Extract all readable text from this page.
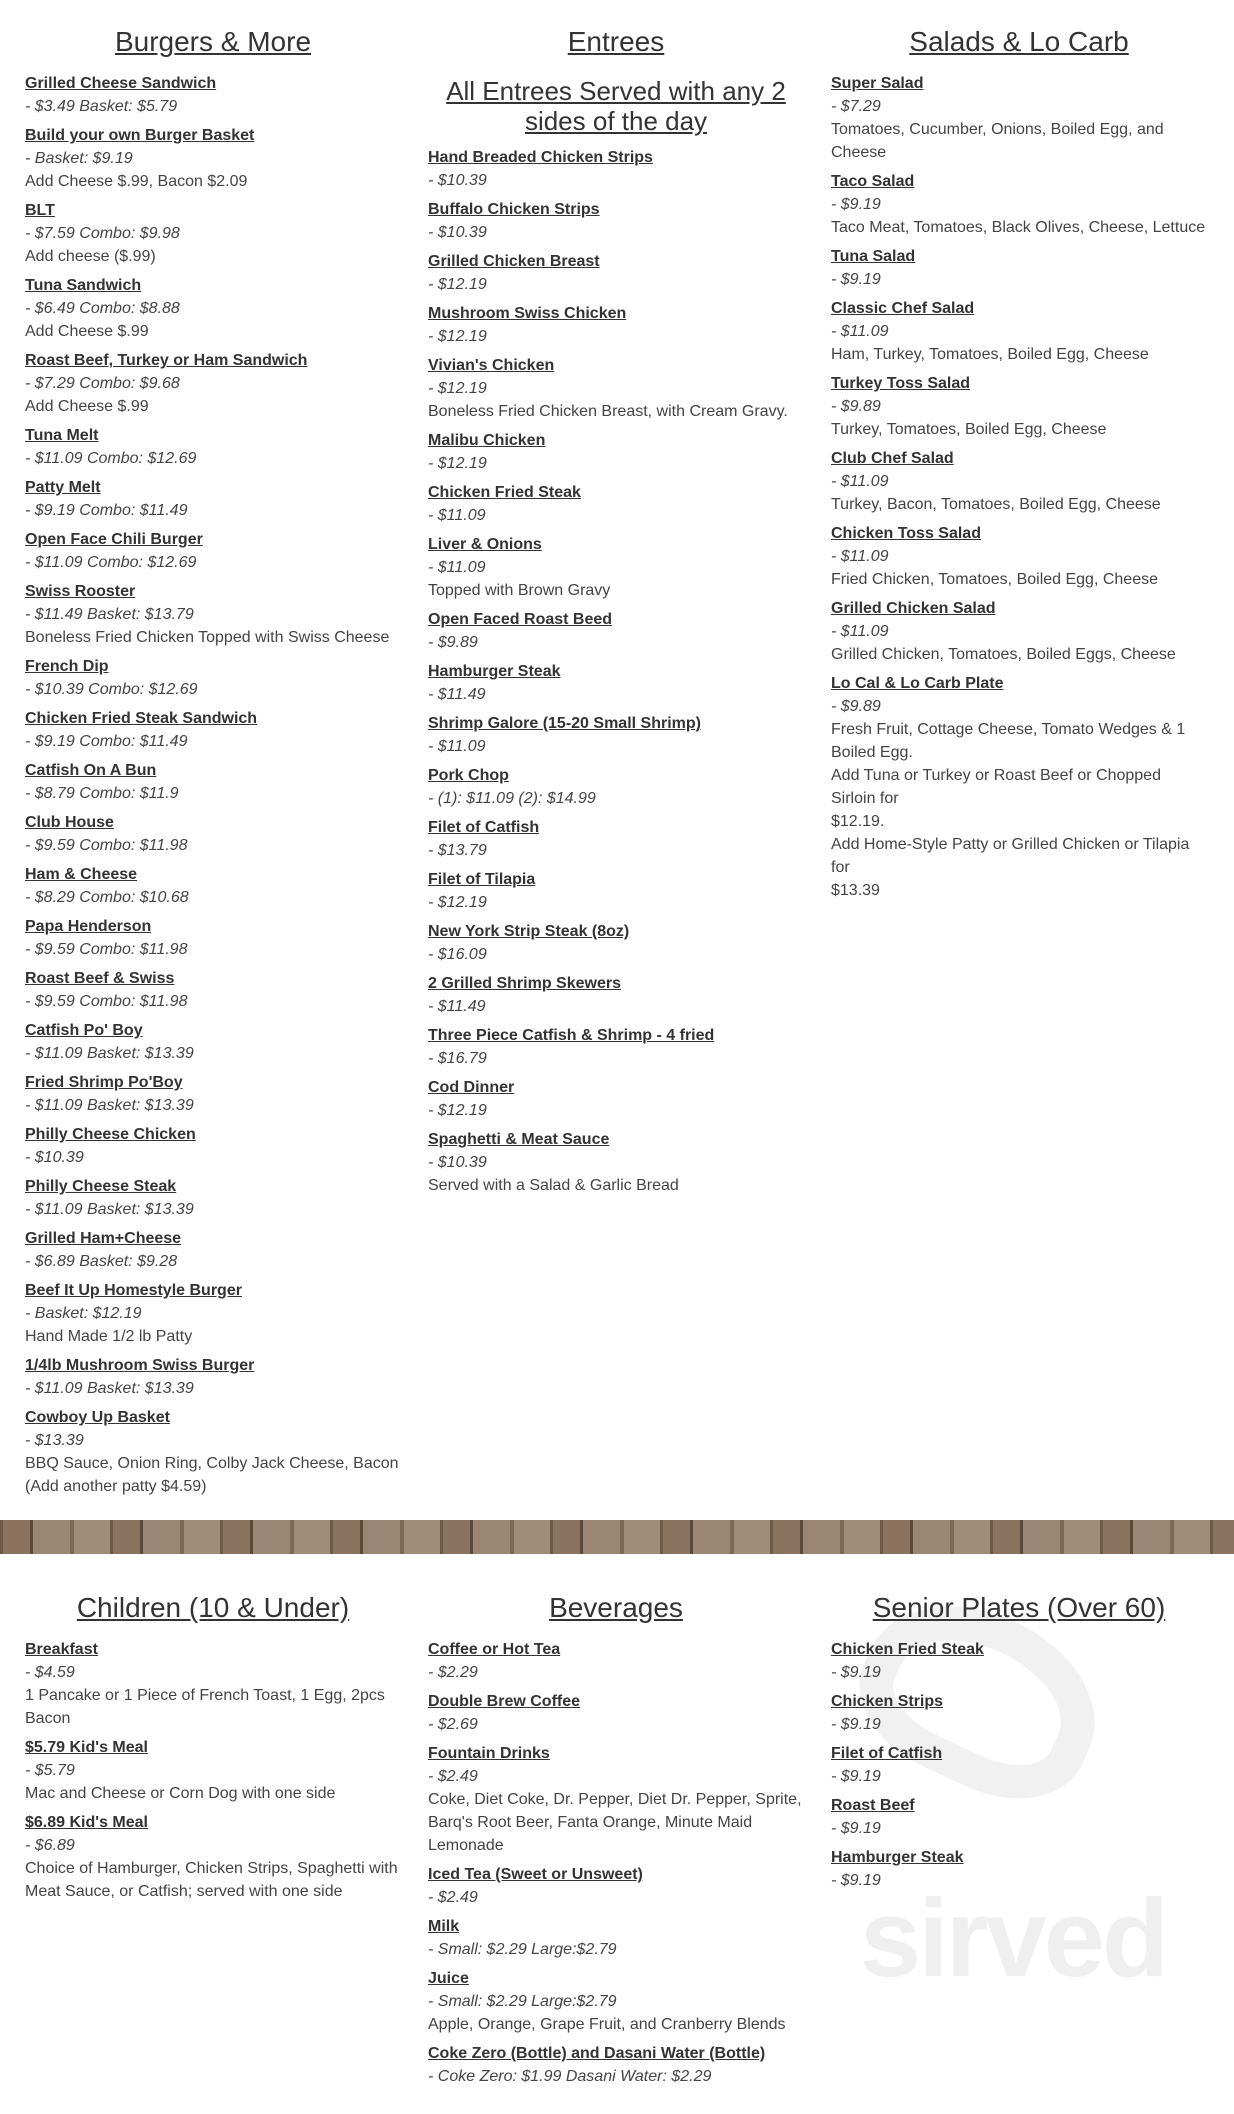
Burgers & More
Grilled Cheese Sandwich
- $3.49 Basket: $5.79
Build your own Burger Basket
- Basket: $9.19
Add Cheese $.99, Bacon $2.09
BLT
- $7.59 Combo: $9.98
Add cheese ($.99)
Tuna Sandwich
- $6.49 Combo: $8.88
Add Cheese $.99
Roast Beef, Turkey or Ham Sandwich
- $7.29 Combo: $9.68
Add Cheese $.99
Tuna Melt
- $11.09 Combo: $12.69
Patty Melt
- $9.19 Combo: $11.49
Open Face Chili Burger
- $11.09 Combo: $12.69
Swiss Rooster
- $11.49 Basket: $13.79
Boneless Fried Chicken Topped with Swiss Cheese
French Dip
- $10.39 Combo: $12.69
Chicken Fried Steak Sandwich
- $9.19 Combo: $11.49
Catfish On A Bun
- $8.79 Combo: $11.9
Club House
- $9.59 Combo: $11.98
Ham & Cheese
- $8.29 Combo: $10.68
Papa Henderson
- $9.59 Combo: $11.98
Roast Beef & Swiss
- $9.59 Combo: $11.98
Catfish Po' Boy
- $11.09 Basket: $13.39
Fried Shrimp Po'Boy
- $11.09 Basket: $13.39
Philly Cheese Chicken
- $10.39
Philly Cheese Steak
- $11.09 Basket: $13.39
Grilled Ham+Cheese
- $6.89 Basket: $9.28
Beef It Up Homestyle Burger
- Basket: $12.19
Hand Made 1/2 lb Patty
1/4lb Mushroom Swiss Burger
- $11.09 Basket: $13.39
Cowboy Up Basket
- $13.39
BBQ Sauce, Onion Ring, Colby Jack Cheese, Bacon (Add another patty $4.59)
Entrees
All Entrees Served with any 2 sides of the day
Hand Breaded Chicken Strips
- $10.39
Buffalo Chicken Strips
- $10.39
Grilled Chicken Breast
- $12.19
Mushroom Swiss Chicken
- $12.19
Vivian's Chicken
- $12.19
Boneless Fried Chicken Breast, with Cream Gravy.
Malibu Chicken
- $12.19
Chicken Fried Steak
- $11.09
Liver & Onions
- $11.09
Topped with Brown Gravy
Open Faced Roast Beed
- $9.89
Hamburger Steak
- $11.49
Shrimp Galore (15-20 Small Shrimp)
- $11.09
Pork Chop
- (1): $11.09 (2): $14.99
Filet of Catfish
- $13.79
Filet of Tilapia
- $12.19
New York Strip Steak (8oz)
- $16.09
2 Grilled Shrimp Skewers
- $11.49
Three Piece Catfish & Shrimp - 4 fried
- $16.79
Cod Dinner
- $12.19
Spaghetti & Meat Sauce
- $10.39
Served with a Salad & Garlic Bread
Salads & Lo Carb
Super Salad
- $7.29
Tomatoes, Cucumber, Onions, Boiled Egg, and Cheese
Taco Salad
- $9.19
Taco Meat, Tomatoes, Black Olives, Cheese, Lettuce
Tuna Salad
- $9.19
Classic Chef Salad
- $11.09
Ham, Turkey, Tomatoes, Boiled Egg, Cheese
Turkey Toss Salad
- $9.89
Turkey, Tomatoes, Boiled Egg, Cheese
Club Chef Salad
- $11.09
Turkey, Bacon, Tomatoes, Boiled Egg, Cheese
Chicken Toss Salad
- $11.09
Fried Chicken, Tomatoes, Boiled Egg, Cheese
Grilled Chicken Salad
- $11.09
Grilled Chicken, Tomatoes, Boiled Eggs, Cheese
Lo Cal & Lo Carb Plate
- $9.89
Fresh Fruit, Cottage Cheese, Tomato Wedges & 1 Boiled Egg.
Add Tuna or Turkey or Roast Beef or Chopped Sirloin for
$12.19.
Add Home-Style Patty or Grilled Chicken or Tilapia for
$13.39
sirved
Children (10 & Under)
Breakfast
- $4.59
1 Pancake or 1 Piece of French Toast, 1 Egg, 2pcs Bacon
$5.79 Kid's Meal
- $5.79
Mac and Cheese or Corn Dog with one side
$6.89 Kid's Meal
- $6.89
Choice of Hamburger, Chicken Strips, Spaghetti with Meat Sauce, or Catfish; served with one side
Beverages
Coffee or Hot Tea
- $2.29
Double Brew Coffee
- $2.69
Fountain Drinks
- $2.49
Coke, Diet Coke, Dr. Pepper, Diet Dr. Pepper, Sprite, Barq's Root Beer, Fanta Orange, Minute Maid Lemonade
Iced Tea (Sweet or Unsweet)
- $2.49
Milk
- Small: $2.29 Large:$2.79
Juice
- Small: $2.29 Large:$2.79
Apple, Orange, Grape Fruit, and Cranberry Blends
Coke Zero (Bottle) and Dasani Water (Bottle)
- Coke Zero: $1.99 Dasani Water: $2.29
Senior Plates (Over 60)
Chicken Fried Steak
- $9.19
Chicken Strips
- $9.19
Filet of Catfish
- $9.19
Roast Beef
- $9.19
Hamburger Steak
- $9.19
